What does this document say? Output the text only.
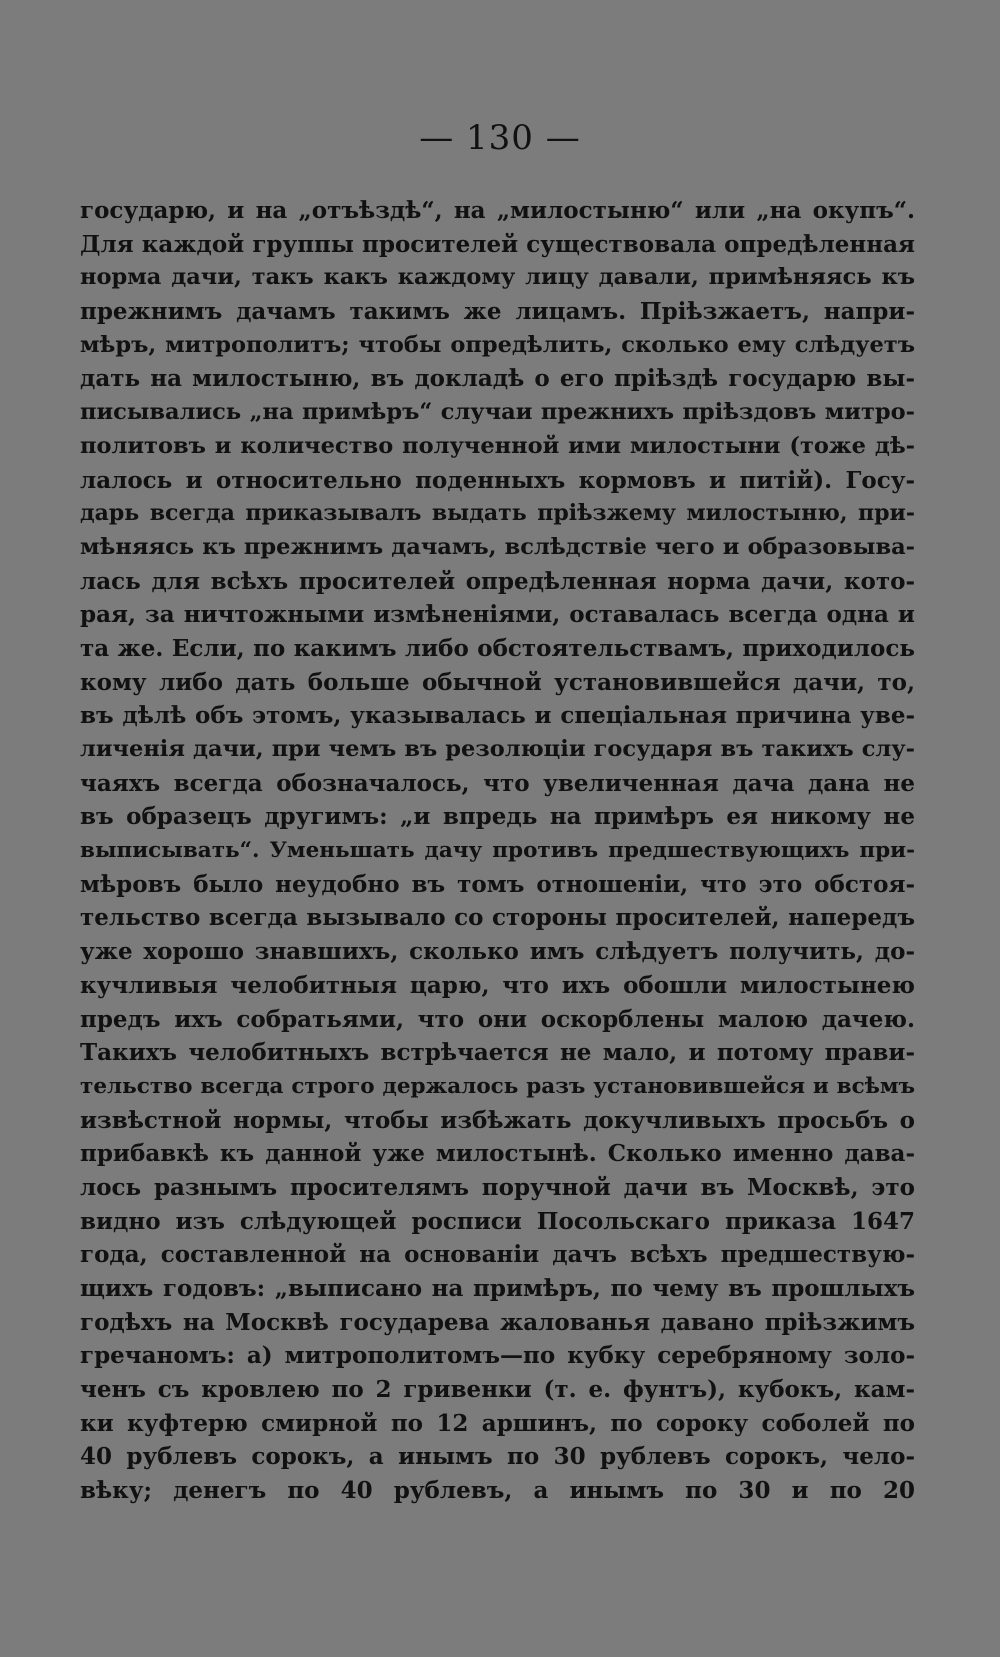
— 130 —
государю, и на „отъѣздѣ“, на „милостыню“ или „на окупъ“.
Для каждой группы просителей существовала опредѣленная
норма дачи, такъ какъ каждому лицу давали, примѣняясь къ
прежнимъ дачамъ такимъ же лицамъ. Пріѣзжаетъ, напри-
мѣръ, митрополитъ; чтобы опредѣлить, сколько ему слѣдуетъ
дать на милостыню, въ докладѣ о его пріѣздѣ государю вы-
писывались „на примѣръ“ случаи прежнихъ пріѣздовъ митро-
политовъ и количество полученной ими милостыни (тоже дѣ-
лалось и относительно поденныхъ кормовъ и питій). Госу-
дарь всегда приказывалъ выдать пріѣзжему милостыню, при-
мѣняясь къ прежнимъ дачамъ, вслѣдствіе чего и образовыва-
лась для всѣхъ просителей опредѣленная норма дачи, кото-
рая, за ничтожными измѣненіями, оставалась всегда одна и
та же. Если, по какимъ либо обстоятельствамъ, приходилось
кому либо дать больше обычной установившейся дачи, то,
въ дѣлѣ объ этомъ, указывалась и спеціальная причина уве-
личенія дачи, при чемъ въ резолюціи государя въ такихъ слу-
чаяхъ всегда обозначалось, что увеличенная дача дана не
въ образецъ другимъ: „и впредь на примѣръ ея никому не
выписывать“. Уменьшать дачу противъ предшествующихъ при-
мѣровъ было неудобно въ томъ отношеніи, что это обстоя-
тельство всегда вызывало со стороны просителей, напередъ
уже хорошо знавшихъ, сколько имъ слѣдуетъ получить, до-
кучливыя челобитныя царю, что ихъ обошли милостынею
предъ ихъ собратьями, что они оскорблены малою дачею.
Такихъ челобитныхъ встрѣчается не мало, и потому прави-
тельство всегда строго держалось разъ установившейся и всѣмъ
извѣстной нормы, чтобы избѣжать докучливыхъ просьбъ о
прибавкѣ къ данной уже милостынѣ. Сколько именно дава-
лось разнымъ просителямъ поручной дачи въ Москвѣ, это
видно изъ слѣдующей росписи Посольскаго приказа 1647
года, составленной на основаніи дачъ всѣхъ предшествую-
щихъ годовъ: „выписано на примѣръ, по чему въ прошлыхъ
годѣхъ на Москвѣ государева жалованья давано пріѣзжимъ
гречаномъ: а) митрополитомъ—по кубку серебряному золо-
ченъ съ кровлею по 2 гривенки (т. е. фунтъ), кубокъ, кам-
ки куфтерю смирной по 12 аршинъ, по сороку соболей по
40 рублевъ сорокъ, а инымъ по 30 рублевъ сорокъ, чело-
вѣку; денегъ по 40 рублевъ, а инымъ по 30 и по 20
